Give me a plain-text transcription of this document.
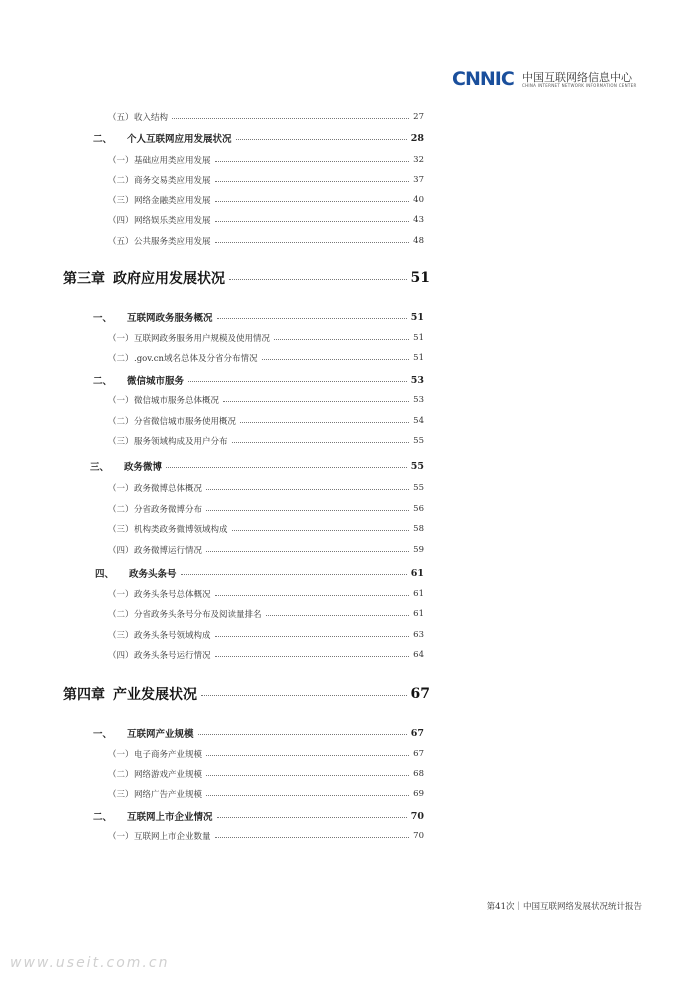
CNNIC 中国互联网络信息中心
CHINA INTERNET NETWORK INFORMATION CENTER
（五） 收入结构	27
二、	个人互联网应用发展状况	28
（一） 基础应用类应用发展	32
（二） 商务交易类应用发展	37
（三） 网络金融类应用发展	40
（四） 网络娱乐类应用发展	43
（五） 公共服务类应用发展	48
第三章 政府应用发展状况	51
一、	互联网政务服务概况	51
（一） 互联网政务服务用户规模及使用情况	51
（二） .gov.cn域名总体及分省分布情况	51
二、	微信城市服务	53
（一） 微信城市服务总体概况	53
（二） 分省微信城市服务使用概况	54
（三） 服务领域构成及用户分布	55
三、	政务微博	55
（一） 政务微博总体概况	55
（二） 分省政务微博分布	56
（三） 机构类政务微博领域构成	58
（四） 政务微博运行情况	59
四、	政务头条号	61
（一） 政务头条号总体概况	61
（二） 分省政务头条号分布及阅读量排名	61
（三） 政务头条号领域构成	63
（四） 政务头条号运行情况	64
第四章 产业发展状况	67
一、	互联网产业规模	67
（一） 电子商务产业规模	67
（二） 网络游戏产业规模	68
（三） 网络广告产业规模	69
二、	互联网上市企业情况	70
（一） 互联网上市企业数量	70
第41次｜中国互联网络发展状况统计报告
www.useit.com.cn
